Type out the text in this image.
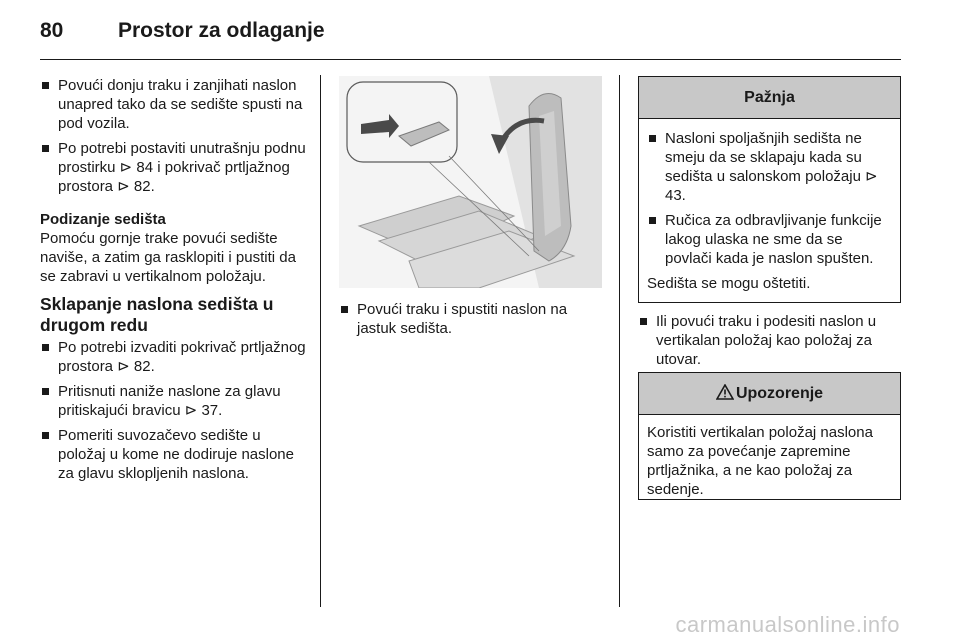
80	Prostor za odlaganje
Povući donju traku i zanjihati naslon unapred tako da se sedište spusti na pod vozila.
Po potrebi postaviti unutrašnju podnu prostirku ⊳ 84 i pokrivač prtljažnog prostora ⊳ 82.
Podizanje sedišta
Pomoću gornje trake povući sedište naviše, a zatim ga rasklopiti i pustiti da se zabravi u vertikalnom položaju.
Sklapanje naslona sedišta u drugom redu
Po potrebi izvaditi pokrivač prtljažnog prostora ⊳ 82.
Pritisnuti naniže naslone za glavu pritiskajući bravicu ⊳ 37.
Pomeriti suvozačevo sedište u položaj u kome ne dodiruje naslone za glavu sklopljenih naslona.
Povući traku i spustiti naslon na jastuk sedišta.
Pažnja
Nasloni spoljašnjih sedišta ne smeju da se sklapaju kada su sedišta u salonskom položaju ⊳ 43.
Ručica za odbravljivanje funkcije lakog ulaska ne sme da se povlači kada je naslon spušten.
Sedišta se mogu oštetiti.
Ili povući traku i podesiti naslon u vertikalan položaj kao položaj za utovar.
Upozorenje
Koristiti vertikalan položaj naslona samo za povećanje zapremine prtljažnika, a ne kao položaj za sedenje.
carmanualsonline.info
